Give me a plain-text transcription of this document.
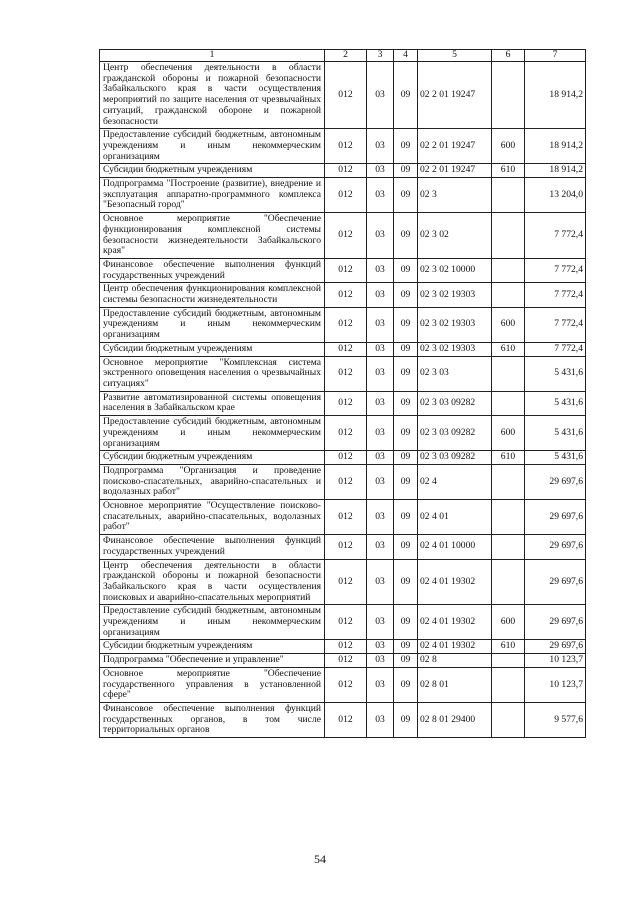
1	2	3	4	5	6	7
Центр обеспечения деятельности в области гражданской обороны и пожарной безопасности Забайкальского края в части осуществления мероприятий по защите населения от чрезвычайных ситуаций, гражданской обороне и пожарной безопасности	012	03	09	02 2 01 19247		18 914,2
Предоставление субсидий бюджетным, автономным учреждениям и иным некоммерческим организациям	012	03	09	02 2 01 19247	600	18 914,2
Субсидии бюджетным учреждениям	012	03	09	02 2 01 19247	610	18 914,2
Подпрограмма "Построение (развитие), внедрение и эксплуатация аппаратно-программного комплекса "Безопасный город"	012	03	09	02 3		13 204,0
Основное мероприятие "Обеспечение функционирования комплексной системы безопасности жизнедеятельности Забайкальского края"	012	03	09	02 3 02		7 772,4
Финансовое обеспечение выполнения функций государственных учреждений	012	03	09	02 3 02 10000		7 772,4
Центр обеспечения функционирования комплексной системы безопасности жизнедеятельности	012	03	09	02 3 02 19303		7 772,4
Предоставление субсидий бюджетным, автономным учреждениям и иным некоммерческим организациям	012	03	09	02 3 02 19303	600	7 772,4
Субсидии бюджетным учреждениям	012	03	09	02 3 02 19303	610	7 772,4
Основное мероприятие "Комплексная система экстренного оповещения населения о чрезвычайных ситуациях"	012	03	09	02 3 03		5 431,6
Развитие автоматизированной системы оповещения населения в Забайкальском крае	012	03	09	02 3 03 09282		5 431,6
Предоставление субсидий бюджетным, автономным учреждениям и иным некоммерческим организациям	012	03	09	02 3 03 09282	600	5 431,6
Субсидии бюджетным учреждениям	012	03	09	02 3 03 09282	610	5 431,6
Подпрограмма "Организация и проведение поисково-спасательных, аварийно-спасательных и водолазных работ"	012	03	09	02 4		29 697,6
Основное мероприятие "Осуществление поисково-спасательных, аварийно-спасательных, водолазных работ"	012	03	09	02 4 01		29 697,6
Финансовое обеспечение выполнения функций государственных учреждений	012	03	09	02 4 01 10000		29 697,6
Центр обеспечения деятельности в области гражданской обороны и пожарной безопасности Забайкальского края в части осуществления поисковых и аварийно-спасательных мероприятий	012	03	09	02 4 01 19302		29 697,6
Предоставление субсидий бюджетным, автономным учреждениям и иным некоммерческим организациям	012	03	09	02 4 01 19302	600	29 697,6
Субсидии бюджетным учреждениям	012	03	09	02 4 01 19302	610	29 697,6
Подпрограмма "Обеспечение и управление"	012	03	09	02 8		10 123,7
Основное мероприятие "Обеспечение государственного управления в установленной сфере"	012	03	09	02 8 01		10 123,7
Финансовое обеспечение выполнения функций государственных органов, в том числе территориальных органов	012	03	09	02 8 01 29400		9 577,6
54
